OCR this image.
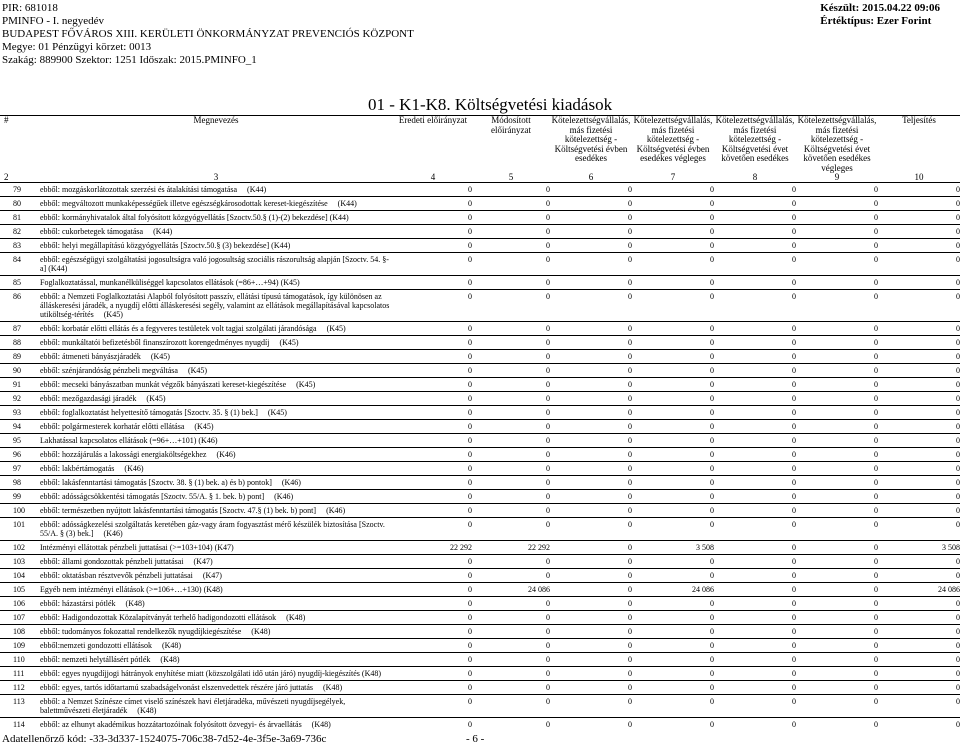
PIR: 681018
PMINFO - I. negyedév
BUDAPEST FŐVÁROS XIII. KERÜLETI ÖNKORMÁNYZAT PREVENCIÓS KÖZPONT
Megye: 01 Pénzügyi körzet: 0013
Szakág: 889900 Szektor: 1251 Időszak: 2015.PMINFO_1
Készült: 2015.04.22 09:06
Értéktípus: Ezer Forint
01 - K1-K8. Költségvetési kiadások
#	Megnevezés	Eredeti előirányzat	Módosított előirányzat	Kötelezettségvállalás, más fizetési kötelezettség - Költségvetési évben esedékes	Kötelezettségvállalás, más fizetési kötelezettség - Költségvetési évben esedékes végleges	Kötelezettségvállalás, más fizetési kötelezettség - Költségvetési évet követően esedékes	Kötelezettségvállalás, más fizetési kötelezettség - Költségvetési évet követően esedékes végleges	Teljesítés
2	3	4	5	6	7	8	9	10
79	ebből: mozgáskorlátozottak szerzési és átalakítási támogatása     (K44)	0	0	0	0	0	0	0
80	ebből: megváltozott munkaképességűek illetve egészségkárosodottak kereset-kiegészítése     (K44)	0	0	0	0	0	0	0
81	ebből: kormányhivatalok által folyósított közgyógyellátás [Szoctv.50.§ (1)-(2) bekezdése] (K44)	0	0	0	0	0	0	0
82	ebből: cukorbetegek támogatása     (K44)	0	0	0	0	0	0	0
83	ebből: helyi megállapítású közgyógyellátás [Szoctv.50.§ (3) bekezdése] (K44)	0	0	0	0	0	0	0
84	ebből: egészségügyi szolgáltatási jogosultságra való jogosultság szociális rászorultság alapján [Szoctv. 54. §-a] (K44)	0	0	0	0	0	0	0
85	Foglalkoztatással, munkanélküliséggel kapcsolatos ellátások (=86+…+94) (K45)	0	0	0	0	0	0	0
86	ebből: a Nemzeti Foglalkoztatási Alapból folyósított passzív, ellátási típusú támogatások, így különösen az álláskeresési járadék, a nyugdíj előtti álláskeresési segély, valamint az ellátások megállapításával kapcsolatos utiköltség-térítés     (K45)	0	0	0	0	0	0	0
87	ebből: korbatár előtti ellátás és a fegyveres testületek volt tagjai szolgálati járandósága     (K45)	0	0	0	0	0	0	0
88	ebből: munkáltatói befizetésből finanszírozott korengedményes nyugdíj     (K45)	0	0	0	0	0	0	0
89	ebből: átmeneti bányászjáradék     (K45)	0	0	0	0	0	0	0
90	ebből: szénjárandóság pénzbeli megváltása     (K45)	0	0	0	0	0	0	0
91	ebből: mecseki bányászatban munkát végzők bányászati kereset-kiegészítése     (K45)	0	0	0	0	0	0	0
92	ebből: mezőgazdasági járadék     (K45)	0	0	0	0	0	0	0
93	ebből: foglalkoztatást helyettesítő támogatás [Szoctv. 35. § (1) bek.]     (K45)	0	0	0	0	0	0	0
94	ebből: polgármesterek korhatár előtti ellátása     (K45)	0	0	0	0	0	0	0
95	Lakhatással kapcsolatos ellátások (=96+…+101) (K46)	0	0	0	0	0	0	0
96	ebből: hozzájárulás a lakossági energiaköltségekhez     (K46)	0	0	0	0	0	0	0
97	ebből: lakbértámogatás     (K46)	0	0	0	0	0	0	0
98	ebből: lakásfenntartási támogatás [Szoctv. 38. § (1) bek. a) és b) pontok]     (K46)	0	0	0	0	0	0	0
99	ebből: adósságcsökkentési támogatás [Szoctv. 55/A. § 1. bek. b) pont]     (K46)	0	0	0	0	0	0	0
100	ebből: természetben nyújtott lakásfenntartási támogatás [Szoctv. 47.§ (1) bek. b) pont]     (K46)	0	0	0	0	0	0	0
101	ebből: adósságkezelési szolgáltatás keretében gáz-vagy áram fogyasztást mérő készülék biztosítása [Szoctv. 55/A. § (3) bek.]     (K46)	0	0	0	0	0	0	0
102	Intézményi ellátottak pénzbeli juttatásai (>=103+104) (K47)	22 292	22 292	0	3 508	0	0	3 508
103	ebből: állami gondozottak pénzbeli juttatásai     (K47)	0	0	0	0	0	0	0
104	ebből: oktatásban résztvevők pénzbeli juttatásai     (K47)	0	0	0	0	0	0	0
105	Egyéb nem intézményi ellátások (>=106+…+130) (K48)	0	24 086	0	24 086	0	0	24 086
106	ebből: házastársi pótlék     (K48)	0	0	0	0	0	0	0
107	ebből: Hadigondozottak Közalapítványát terhelő hadigondozotti ellátások     (K48)	0	0	0	0	0	0	0
108	ebből: tudományos fokozattal rendelkezők nyugdíjkiegészítése     (K48)	0	0	0	0	0	0	0
109	ebből:nemzeti gondozotti ellátások     (K48)	0	0	0	0	0	0	0
110	ebből: nemzeti helytállásért pótlék     (K48)	0	0	0	0	0	0	0
111	ebből: egyes nyugdíjjogi hátrányok enyhítése miatt (közszolgálati idő után járó) nyugdíj-kiegészítés (K48)	0	0	0	0	0	0	0
112	ebből: egyes, tartós időtartamú szabadságelvonást elszenvedettek részére járó juttatás     (K48)	0	0	0	0	0	0	0
113	ebből: a Nemzet Színésze címet viselő színészek havi életjáradéka, művészeti nyugdíjsegélyek, balettművészeti életjáradék     (K48)	0	0	0	0	0	0	0
114	ebből: az elhunyt akadémikus hozzátartozóinak folyósított özvegyi- és árvaellátás     (K48)	0	0	0	0	0	0	0
Adatellenőrző kód: -33-3d337-1524075-706c38-7d52-4e-3f5e-3a69-736c	- 6 -
